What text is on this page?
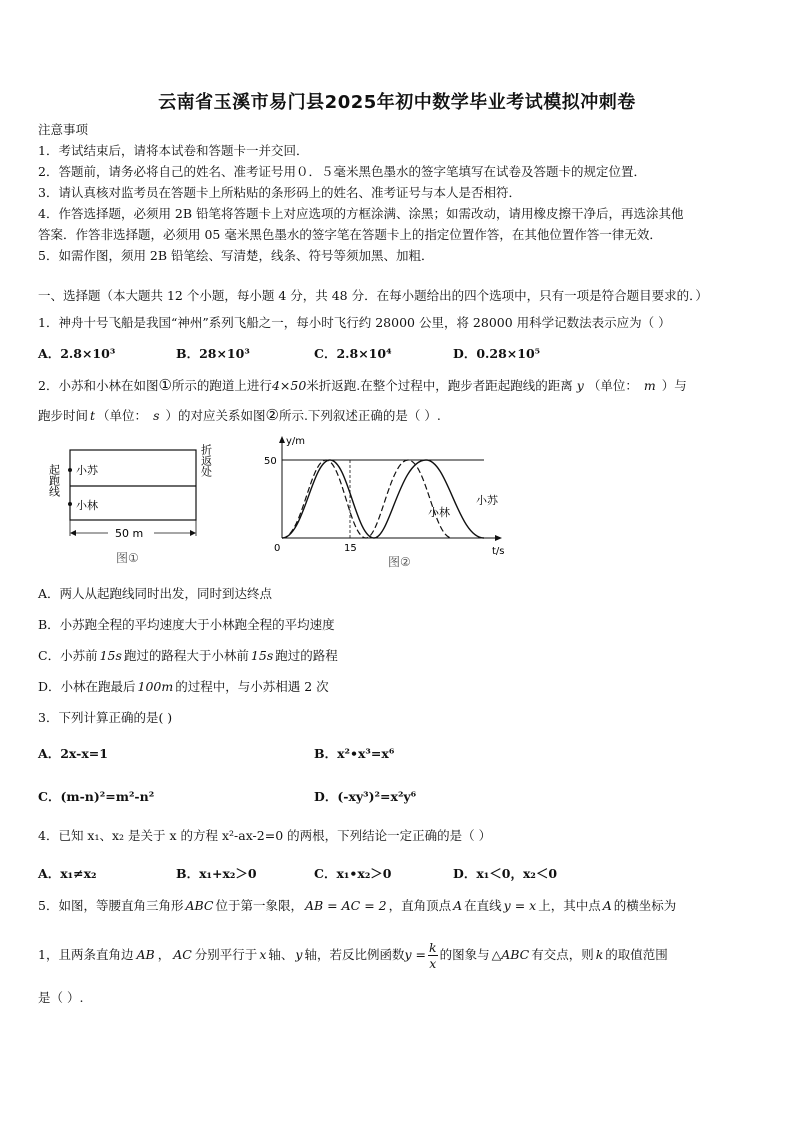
云南省玉溪市易门县2025年初中数学毕业考试模拟冲刺卷
注意事项
1．考试结束后，请将本试卷和答题卡一并交回．
2．答题前，请务必将自己的姓名、准考证号用０．５毫米黑色墨水的签字笔填写在试卷及答题卡的规定位置．
3．请认真核对监考员在答题卡上所粘贴的条形码上的姓名、准考证号与本人是否相符．
4．作答选择题，必须用 2B 铅笔将答题卡上对应选项的方框涂满、涂黑；如需改动，请用橡皮擦干净后，再选涂其他
答案．作答非选择题，必须用 05 毫米黑色墨水的签字笔在答题卡上的指定位置作答，在其他位置作答一律无效．
5．如需作图，须用 2B 铅笔绘、写清楚，线条、符号等须加黑、加粗．
一、选择题（本大题共 12 个小题，每小题 4 分，共 48 分．在每小题给出的四个选项中，只有一项是符合题目要求的．）
1．神舟十号飞船是我国“神州”系列飞船之一，每小时飞行约 28000 公里，将 28000 用科学记数法表示应为（ ）
A．2.8×10³	B．28×10³	C．2.8×10⁴	D．0.28×10⁵
2．小苏和小林在如图①所示的跑道上进行4×50米折返跑.在整个过程中，跑步者距起跑线的距离 y （单位： m ）与
跑步时间 t （单位： s ）的对应关系如图②所示.下列叙述正确的是（ ）.
起跑线
折返处
小苏
小林
50 m
图①
y/m
50
0	15	t/s
小苏
小林
图②
A．两人从起跑线同时出发，同时到达终点
B．小苏跑全程的平均速度大于小林跑全程的平均速度
C．小苏前 15s 跑过的路程大于小林前 15s 跑过的路程
D．小林在跑最后 100m 的过程中，与小苏相遇 2 次
3．下列计算正确的是( )
A．2x-x=1	B．x²•x³=x⁶
C．(m-n)²=m²-n²	D．(-xy³)²=x²y⁶
4．已知 x₁、x₂ 是关于 x 的方程 x²-ax-2=0 的两根，下列结论一定正确的是（ ）
A．x₁≠x₂	B．x₁+x₂＞0	C．x₁•x₂＞0	D．x₁＜0，x₂＜0
5．如图，等腰直角三角形 ABC 位于第一象限， AB = AC = 2 ，直角顶点 A 在直线 y = x 上，其中点 A 的横坐标为
1，且两条直角边 AB ， AC 分别平行于 x 轴、 y 轴，若反比例函数$y = \frac{k}{x}$ 的图象与 △ABC 有交点，则 k 的取值范围
是（ ）.
